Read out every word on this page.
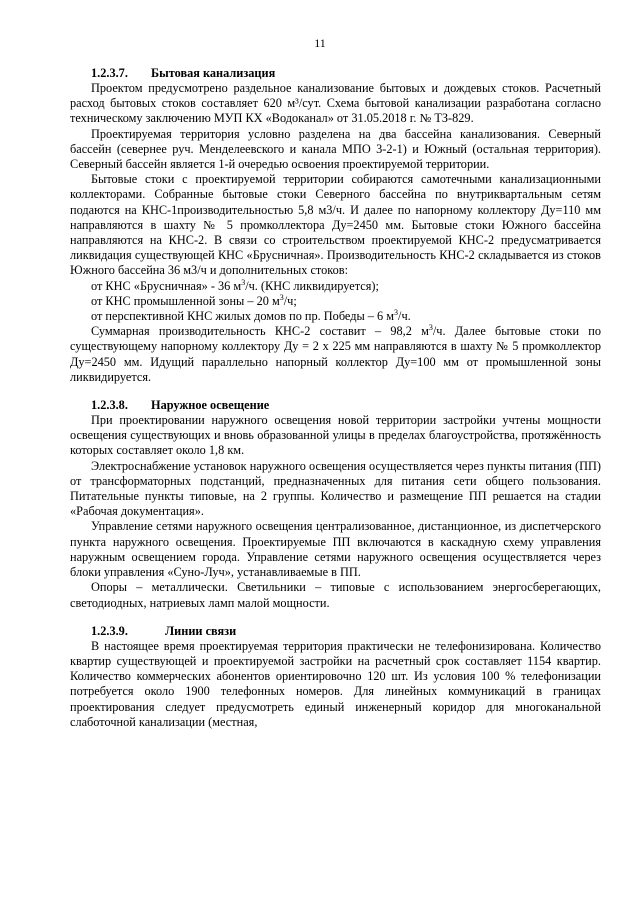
11
1.2.3.7. Бытовая канализация

Проектом предусмотрено раздельное канализование бытовых и дождевых стоков. Расчетный расход бытовых стоков составляет 620 м³/сут. Схема бытовой канализации разработана согласно техническому заключению МУП КХ «Водоканал» от 31.05.2018 г. № ТЗ-829.

Проектируемая территория условно разделена на два бассейна канализования. Северный бассейн (севернее руч. Менделеевского и канала МПО 3-2-1) и Южный (остальная территория). Северный бассейн является 1-й очередью освоения проектируемой территории.

Бытовые стоки с проектируемой территории собираются самотечными канализационными коллекторами. Собранные бытовые стоки Северного бассейна по внутриквартальным сетям подаются на КНС-1производительностью 5,8 м3/ч. И далее по напорному коллектору Ду=110 мм направляются в шахту № 5 промколлектора Ду=2450 мм. Бытовые стоки Южного бассейна направляются на КНС-2. В связи со строительством проектируемой КНС-2 предусматривается ликвидация существующей КНС «Брусничная». Производительность КНС-2 складывается из стоков Южного бассейна 36 м3/ч и дополнительных стоков:

от КНС «Брусничная» - 36 $м^3/ч$. (КНС ликвидируется);
от КНС промышленной зоны – 20 $м^3/ч$;
от перспективной КНС жилых домов по пр. Победы – 6 $м^3/ч$.

Суммарная производительность КНС-2 составит – 98,2 $м^3/ч$. Далее бытовые стоки по существующему напорному коллектору Ду = 2 х 225 мм направляются в шахту № 5 промколлектор Ду=2450 мм. Идущий параллельно напорный коллектор Ду=100 мм от промышленной зоны ликвидируется.

1.2.3.8. Наружное освещение

При проектировании наружного освещения новой территории застройки учтены мощности освещения существующих и вновь образованной улицы в пределах благоустройства, протяжённость которых составляет около 1,8 км.

Электроснабжение установок наружного освещения осуществляется через пункты питания (ПП) от трансформаторных подстанций, предназначенных для питания сети общего пользования. Питательные пункты типовые, на 2 группы. Количество и размещение ПП решается на стадии «Рабочая документация».

Управление сетями наружного освещения централизованное, дистанционное, из диспетчерского пункта наружного освещения. Проектируемые ПП включаются в каскадную схему управления наружным освещением города. Управление сетями наружного освещения осуществляется через блоки управления «Суно-Луч», устанавливаемые в ПП.

Опоры – металлически. Светильники – типовые с использованием энергосберегающих, светодиодных, натриевых ламп малой мощности.

1.2.3.9.	Линии связи

В настоящее время проектируемая территория практически не телефонизирована. Количество квартир существующей и проектируемой застройки на расчетный срок составляет 1154 квартир. Количество коммерческих абонентов ориентировочно 120 шт. Из условия 100 % телефонизации потребуется около 1900 телефонных номеров. Для линейных коммуникаций в границах проектирования следует предусмотреть единый инженерный коридор для многоканальной слаботочной канализации (местная,
